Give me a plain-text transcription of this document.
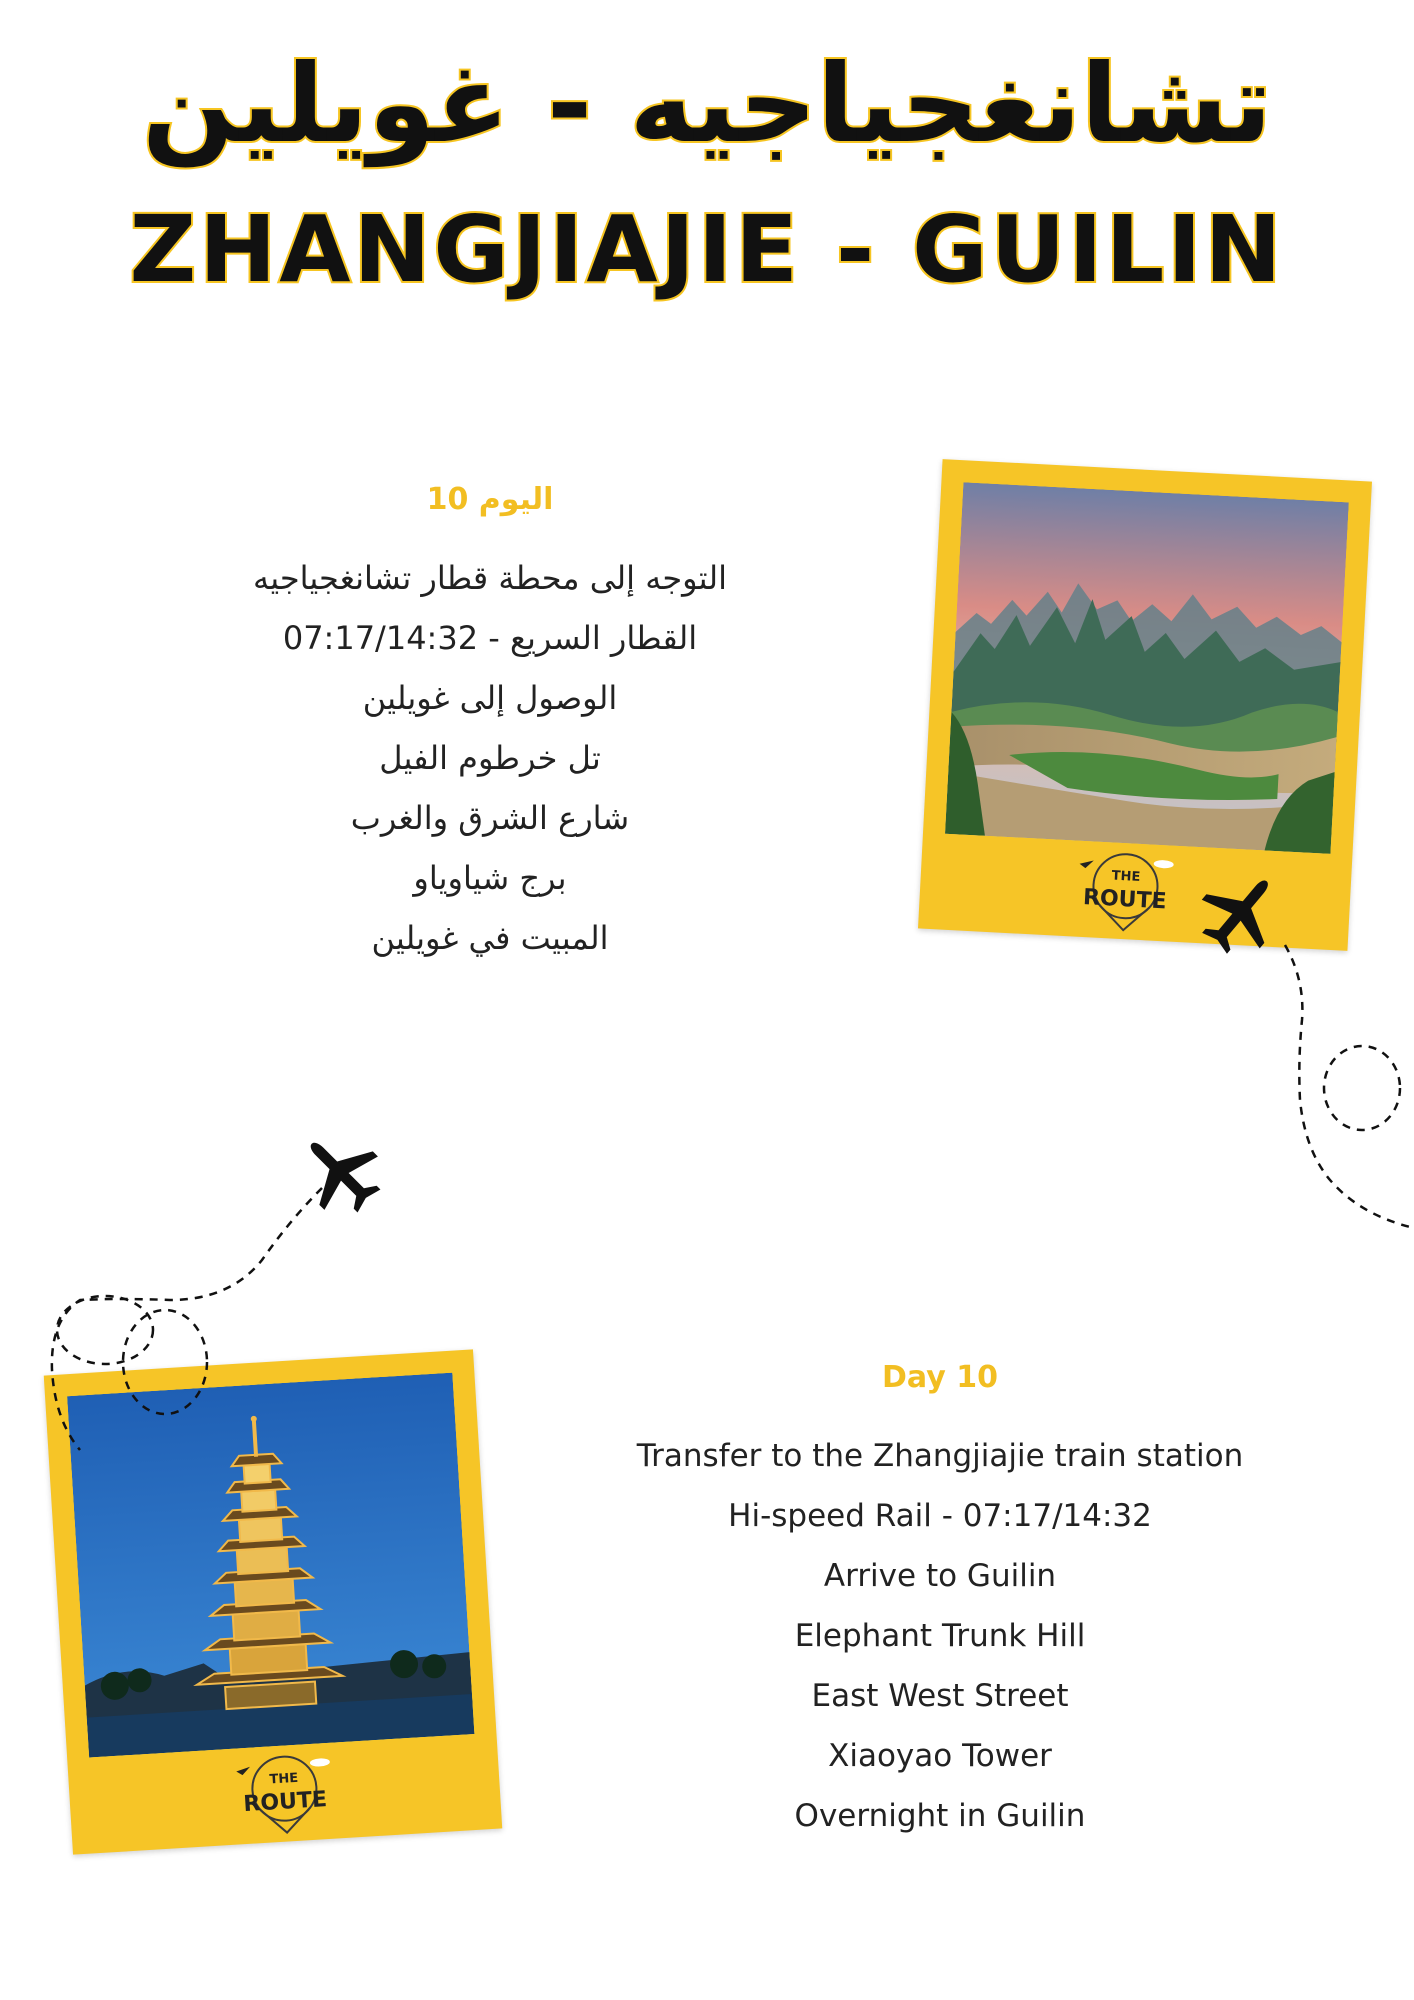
تشانغجياجيه - غويلين
ZHANGJIAJIE - GUILIN
اليوم 10
التوجه إلى محطة قطار تشانغجياجيه
القطار السريع - 07:17/14:32
الوصول إلى غويلين
تل خرطوم الفيل
شارع الشرق والغرب
برج شياوياو
المبيت في غويلين
Day 10
Transfer to the Zhangjiajie train station
Hi-speed Rail - 07:17/14:32
Arrive to Guilin
Elephant Trunk Hill
East West Street
Xiaoyao Tower
Overnight in Guilin
THE
ROUTE
THE
ROUTE
